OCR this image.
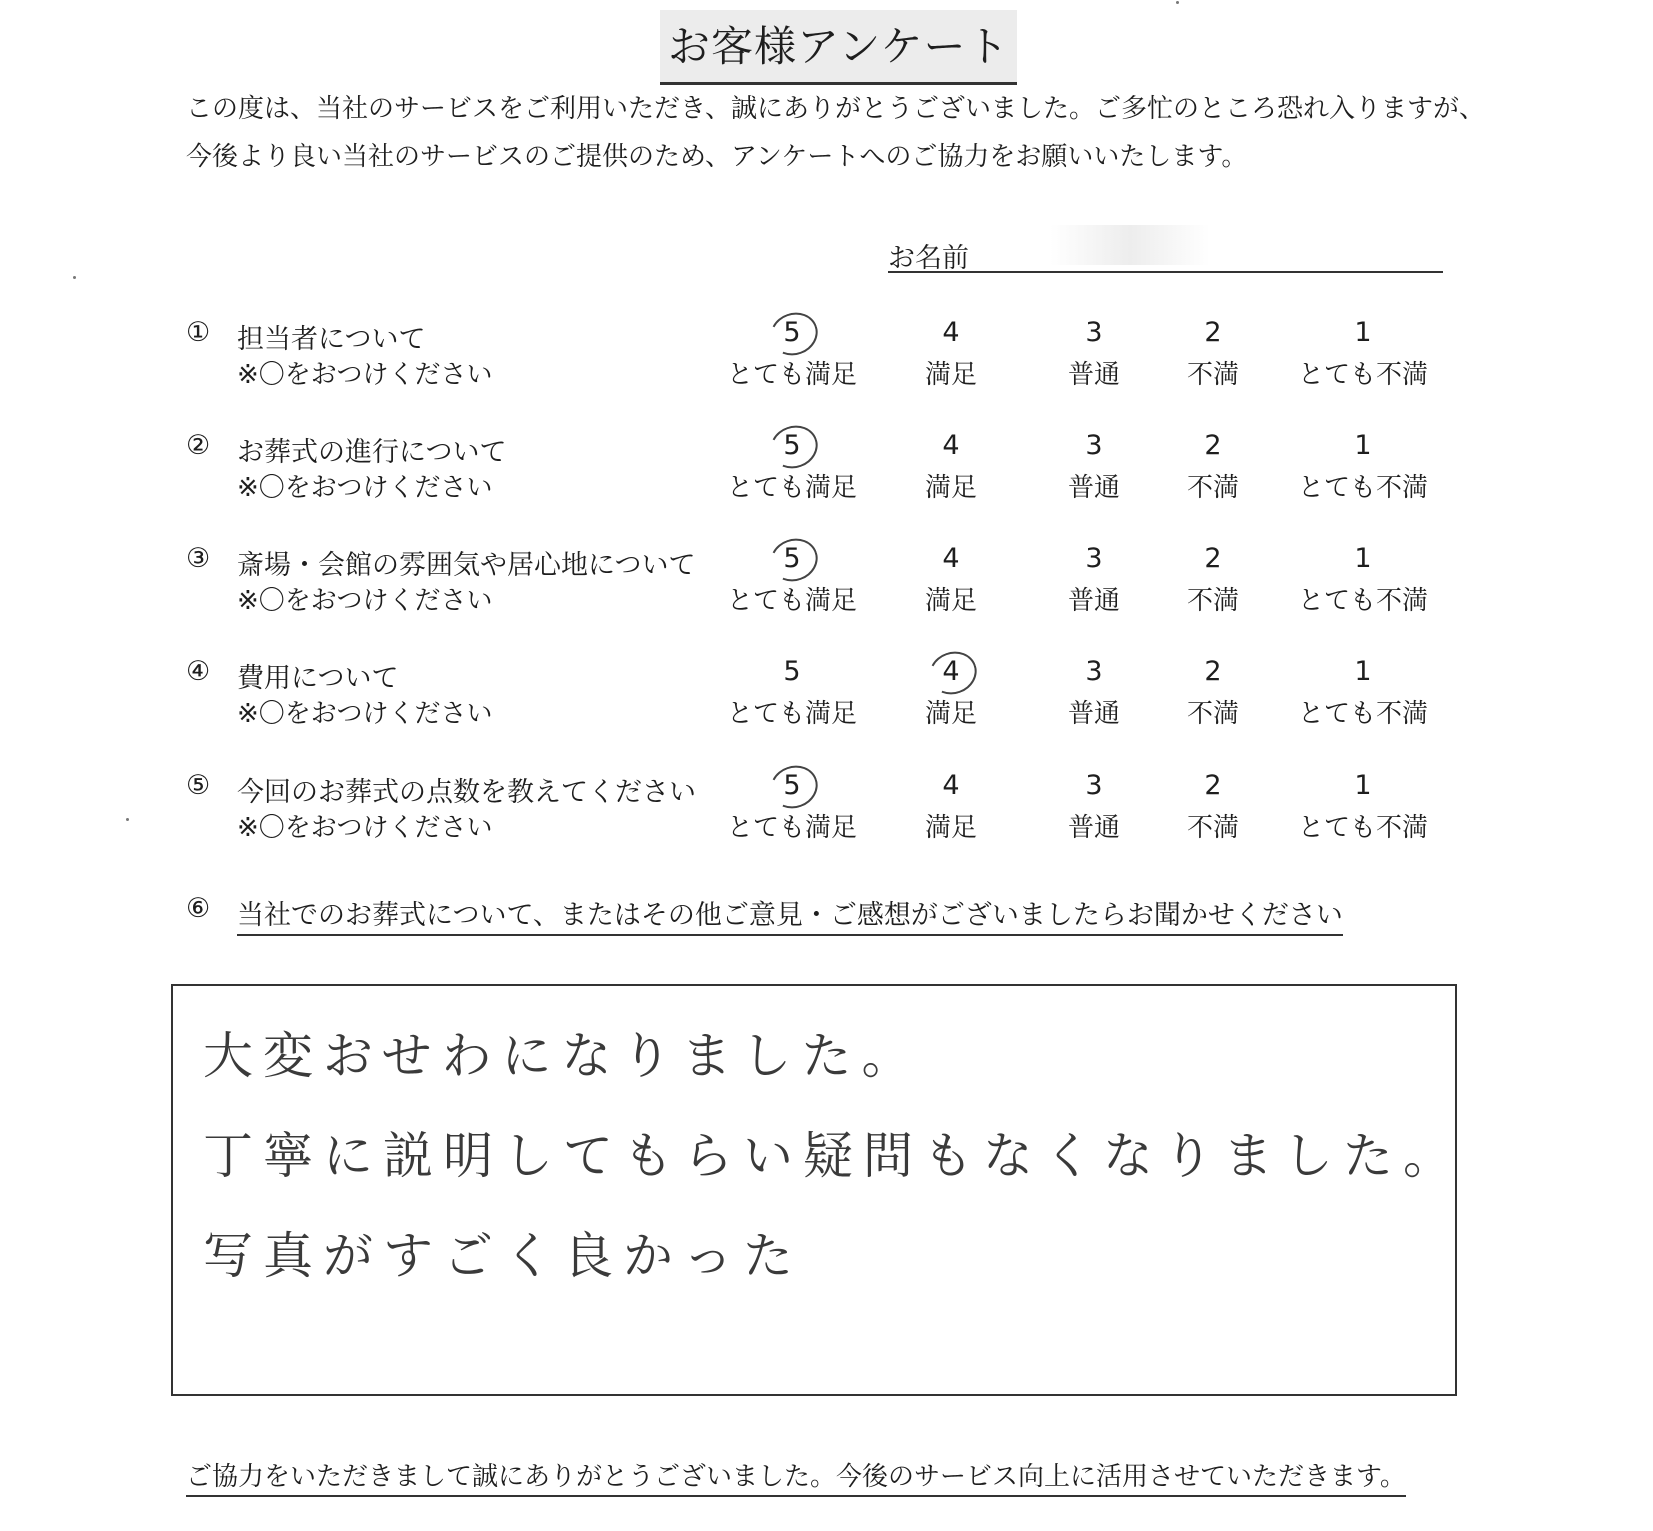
お客様アンケート
この度は、当社のサービスをご利用いただき、誠にありがとうございました。ご多忙のところ恐れ入りますが、
今後より良い当社のサービスのご提供のため、アンケートへのご協力をお願いいたします。
お名前
① 担当者について
※〇をおつけください
② お葬式の進行について
※〇をおつけください
③ 斎場・会館の雰囲気や居心地について
※〇をおつけください
④ 費用について
※〇をおつけください
⑤ 今回のお葬式の点数を教えてください
※〇をおつけください
5
とても満足
4
満足
3
普通
2
不満
1
とても不満
5
とても満足
4
満足
3
普通
2
不満
1
とても不満
5
とても満足
4
満足
3
普通
2
不満
1
とても不満
5
とても満足
4
満足
3
普通
2
不満
1
とても不満
5
とても満足
4
満足
3
普通
2
不満
1
とても不満
⑥ 当社でのお葬式について、またはその他ご意見・ご感想がございましたらお聞かせください
大変おせわになりました。
丁寧に説明してもらい疑問もなくなりました。
写真がすごく良かった
ご協力をいただきまして誠にありがとうございました。今後のサービス向上に活用させていただきます。
